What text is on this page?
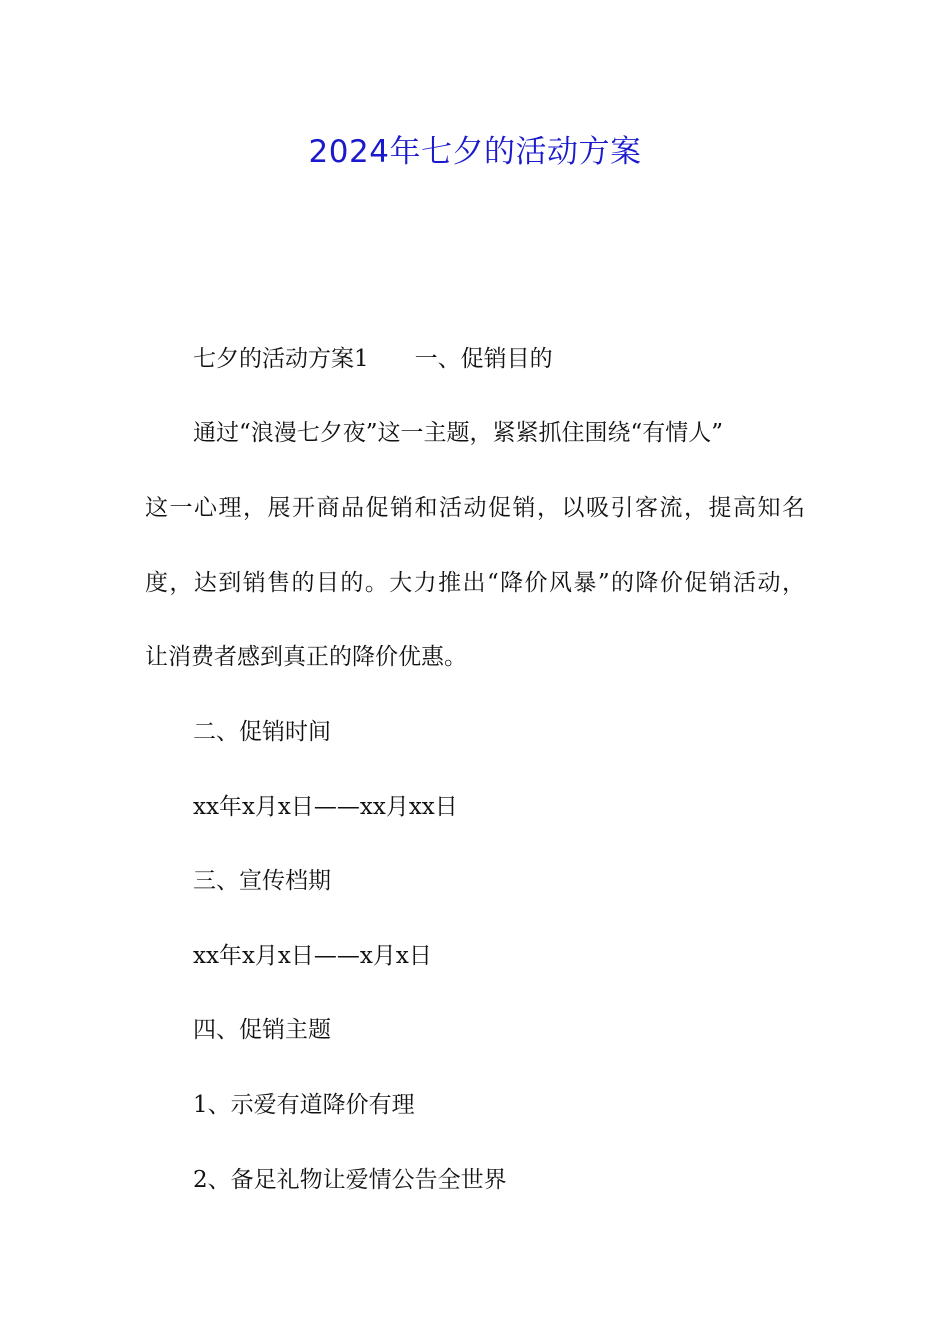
2024年七夕的活动方案
七夕的活动方案1　　一、促销目的
通过“浪漫七夕夜”这一主题，紧紧抓住围绕“有情人”
这一心理，展开商品促销和活动促销，以吸引客流，提高知名
度，达到销售的目的。大力推出“降价风暴”的降价促销活动，
让消费者感到真正的降价优惠。
二、促销时间
xx年x月x日——xx月xx日
三、宣传档期
xx年x月x日——x月x日
四、促销主题
1、示爱有道降价有理
2、备足礼物让爱情公告全世界
